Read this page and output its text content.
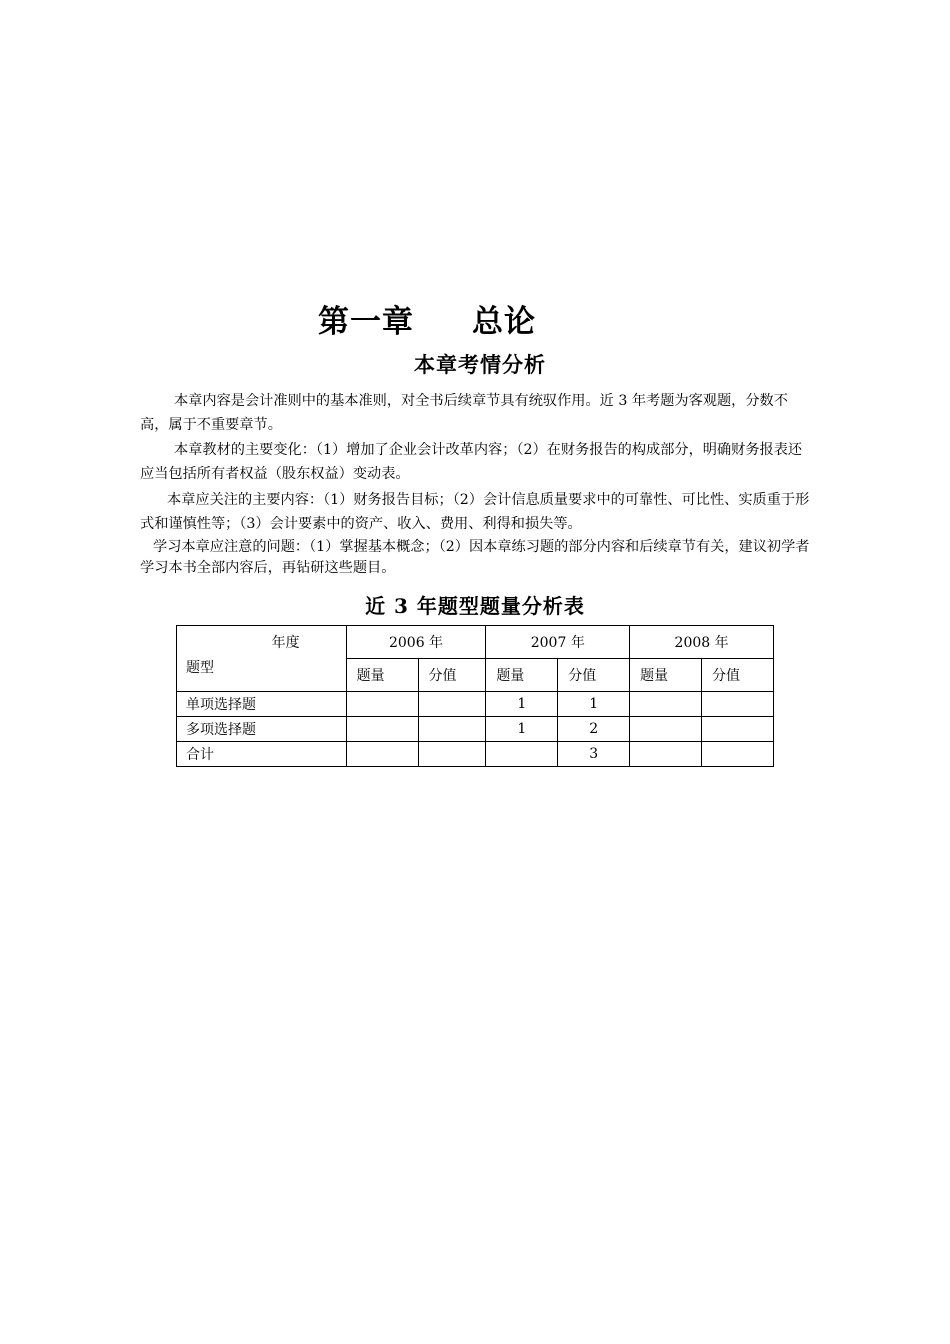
第一章 总论
本章考情分析

本章内容是会计准则中的基本准则，对全书后续章节具有统驭作用。近 3 年考题为客观题，分数不高，属于不重要章节。

本章教材的主要变化：（1）增加了企业会计改革内容；（2）在财务报告的构成部分，明确财务报表还应当包括所有者权益（股东权益）变动表。

本章应关注的主要内容：（1）财务报告目标；（2）会计信息质量要求中的可靠性、可比性、实质重于形式和谨慎性等；（3）会计要素中的资产、收入、费用、利得和损失等。

学习本章应注意的问题：（1）掌握基本概念；（2）因本章练习题的部分内容和后续章节有关，建议初学者学习本书全部内容后，再钻研这些题目。

近 3 年题型题量分析表
年度
题型	2006 年		2007 年		2008 年	
	题量	分值	题量	分值	题量	分值
单项选择题			1	1		
多项选择题			1	2		
合计				3		
